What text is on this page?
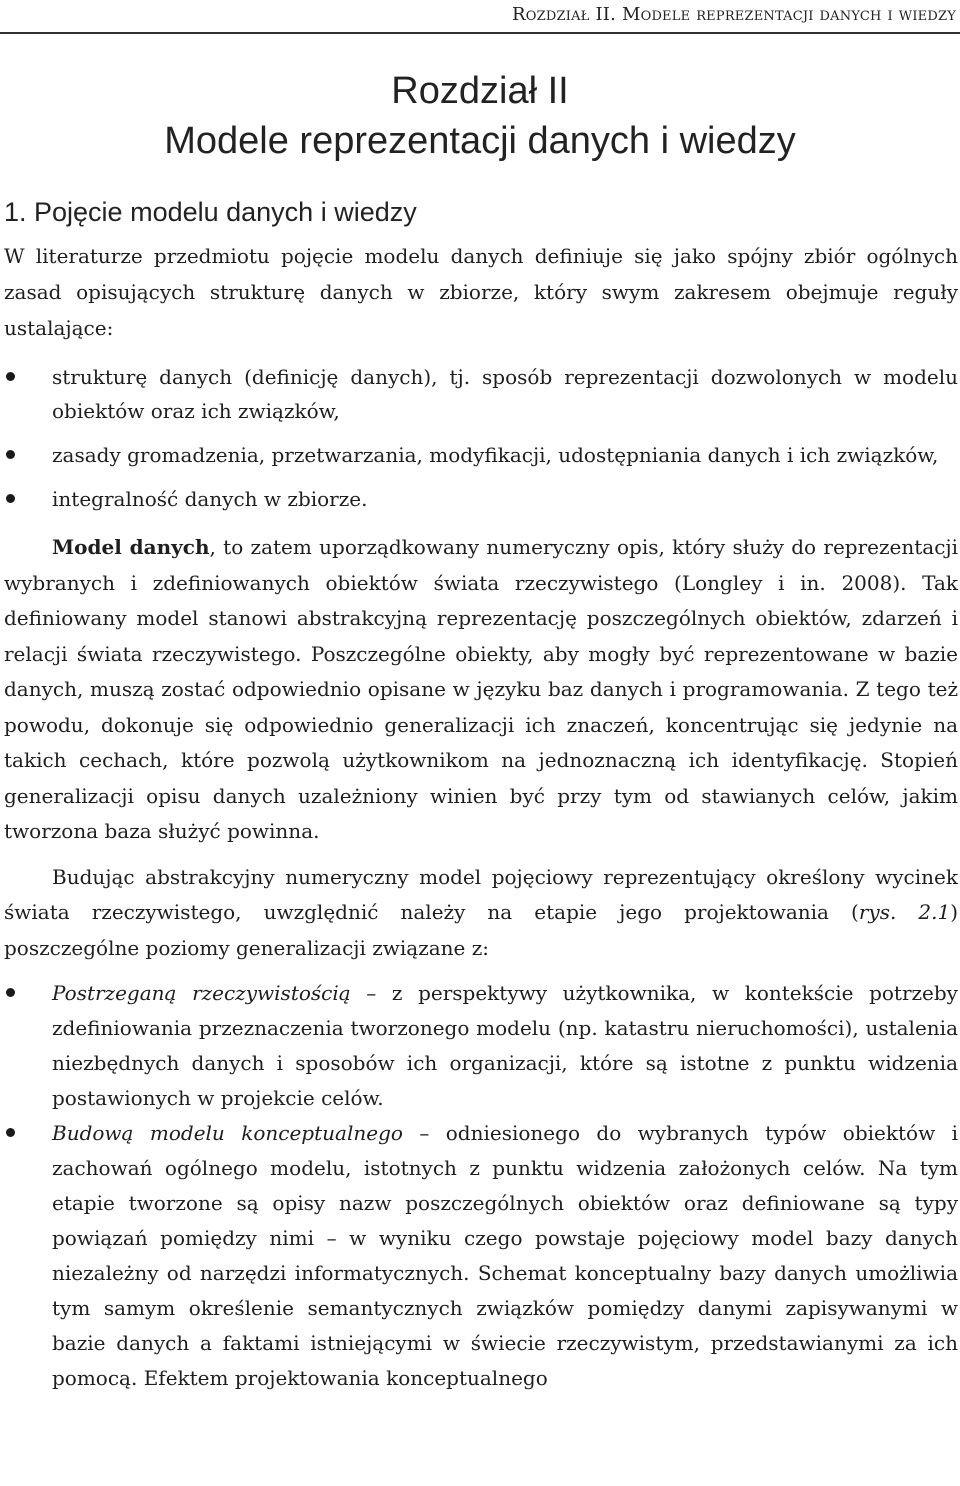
Rozdział II. Modele reprezentacji danych i wiedzy
Rozdział II
Modele reprezentacji danych i wiedzy
1. Pojęcie modelu danych i wiedzy

W literaturze przedmiotu pojęcie modelu danych definiuje się jako spójny zbiór ogólnych zasad opisujących strukturę danych w zbiorze, który swym zakresem obejmuje reguły ustalające:

strukturę danych (definicję danych), tj. sposób reprezentacji dozwolonych w modelu obiektów oraz ich związków,
zasady gromadzenia, przetwarzania, modyfikacji, udostępniania danych i ich związków,
integralność danych w zbiorze.

Model danych, to zatem uporządkowany numeryczny opis, który służy do reprezentacji wybranych i zdefiniowanych obiektów świata rzeczywistego (Longley i in. 2008). Tak definiowany model stanowi abstrakcyjną reprezentację poszczególnych obiektów, zdarzeń i relacji świata rzeczywistego. Poszczególne obiekty, aby mogły być reprezentowane w bazie danych, muszą zostać odpowiednio opisane w języku baz danych i programowania. Z tego też powodu, dokonuje się odpowiednio generalizacji ich znaczeń, koncentrując się jedynie na takich cechach, które pozwolą użytkownikom na jednoznaczną ich identyfikację. Stopień generalizacji opisu danych uzależniony winien być przy tym od stawianych celów, jakim tworzona baza służyć powinna.

Budując abstrakcyjny numeryczny model pojęciowy reprezentujący określony wycinek świata rzeczywistego, uwzględnić należy na etapie jego projektowania (rys. 2.1) poszczególne poziomy generalizacji związane z:

Postrzeganą rzeczywistością – z perspektywy użytkownika, w kontekście potrzeby zdefiniowania przeznaczenia tworzonego modelu (np. katastru nieruchomości), ustalenia niezbędnych danych i sposobów ich organizacji, które są istotne z punktu widzenia postawionych w projekcie celów.
Budową modelu konceptualnego – odniesionego do wybranych typów obiektów i zachowań ogólnego modelu, istotnych z punktu widzenia założonych celów. Na tym etapie tworzone są opisy nazw poszczególnych obiektów oraz definiowane są typy powiązań pomiędzy nimi – w wyniku czego powstaje pojęciowy model bazy danych niezależny od narzędzi informatycznych. Schemat konceptualny bazy danych umożliwia tym samym określenie semantycznych związków pomiędzy danymi zapisywanymi w bazie danych a faktami istniejącymi w świecie rzeczywistym, przedstawianymi za ich pomocą. Efektem projektowania konceptualnego
